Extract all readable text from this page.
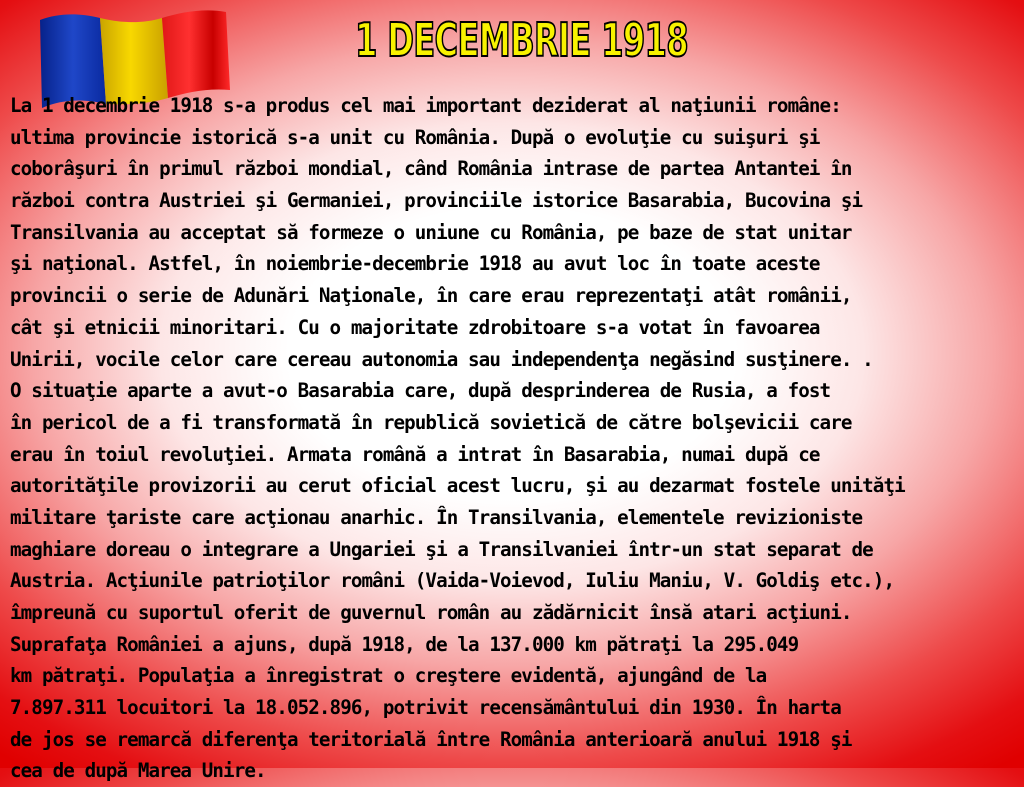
1 DECEMBRIE 1918
La 1 decembrie 1918 s-a produs cel mai important deziderat al naţiunii române:
ultima provincie istorică s-a unit cu România. După o evoluţie cu suişuri şi
coborâşuri în primul război mondial, când România intrase de partea Antantei în
război contra Austriei şi Germaniei, provinciile istorice Basarabia, Bucovina şi
Transilvania au acceptat să formeze o uniune cu România, pe baze de stat unitar
şi naţional. Astfel, în noiembrie-decembrie 1918 au avut loc în toate aceste
provincii o serie de Adunări Naţionale, în care erau reprezentaţi atât românii,
cât şi etnicii minoritari. Cu o majoritate zdrobitoare s-a votat în favoarea
Unirii, vocile celor care cereau autonomia sau independenţa negăsind susţinere. .
O situaţie aparte a avut-o Basarabia care, după desprinderea de Rusia, a fost
în pericol de a fi transformată în republică sovietică de către bolşevicii care
erau în toiul revoluţiei. Armata română a intrat în Basarabia, numai după ce
autorităţile provizorii au cerut oficial acest lucru, şi au dezarmat fostele unităţi
militare ţariste care acţionau anarhic. În Transilvania, elementele revizioniste
maghiare doreau o integrare a Ungariei şi a Transilvaniei într-un stat separat de
Austria. Acţiunile patrioţilor români (Vaida-Voievod, Iuliu Maniu, V. Goldiş etc.),
împreună cu suportul oferit de guvernul român au zădărnicit însă atari acţiuni.
Suprafaţa României a ajuns, după 1918, de la 137.000 km pătraţi la 295.049
km pătraţi. Populaţia a înregistrat o creştere evidentă, ajungând de la
7.897.311 locuitori la 18.052.896, potrivit recensământului din 1930. În harta
de jos se remarcă diferenţa teritorială între România anterioară anului 1918 şi
cea de după Marea Unire.
